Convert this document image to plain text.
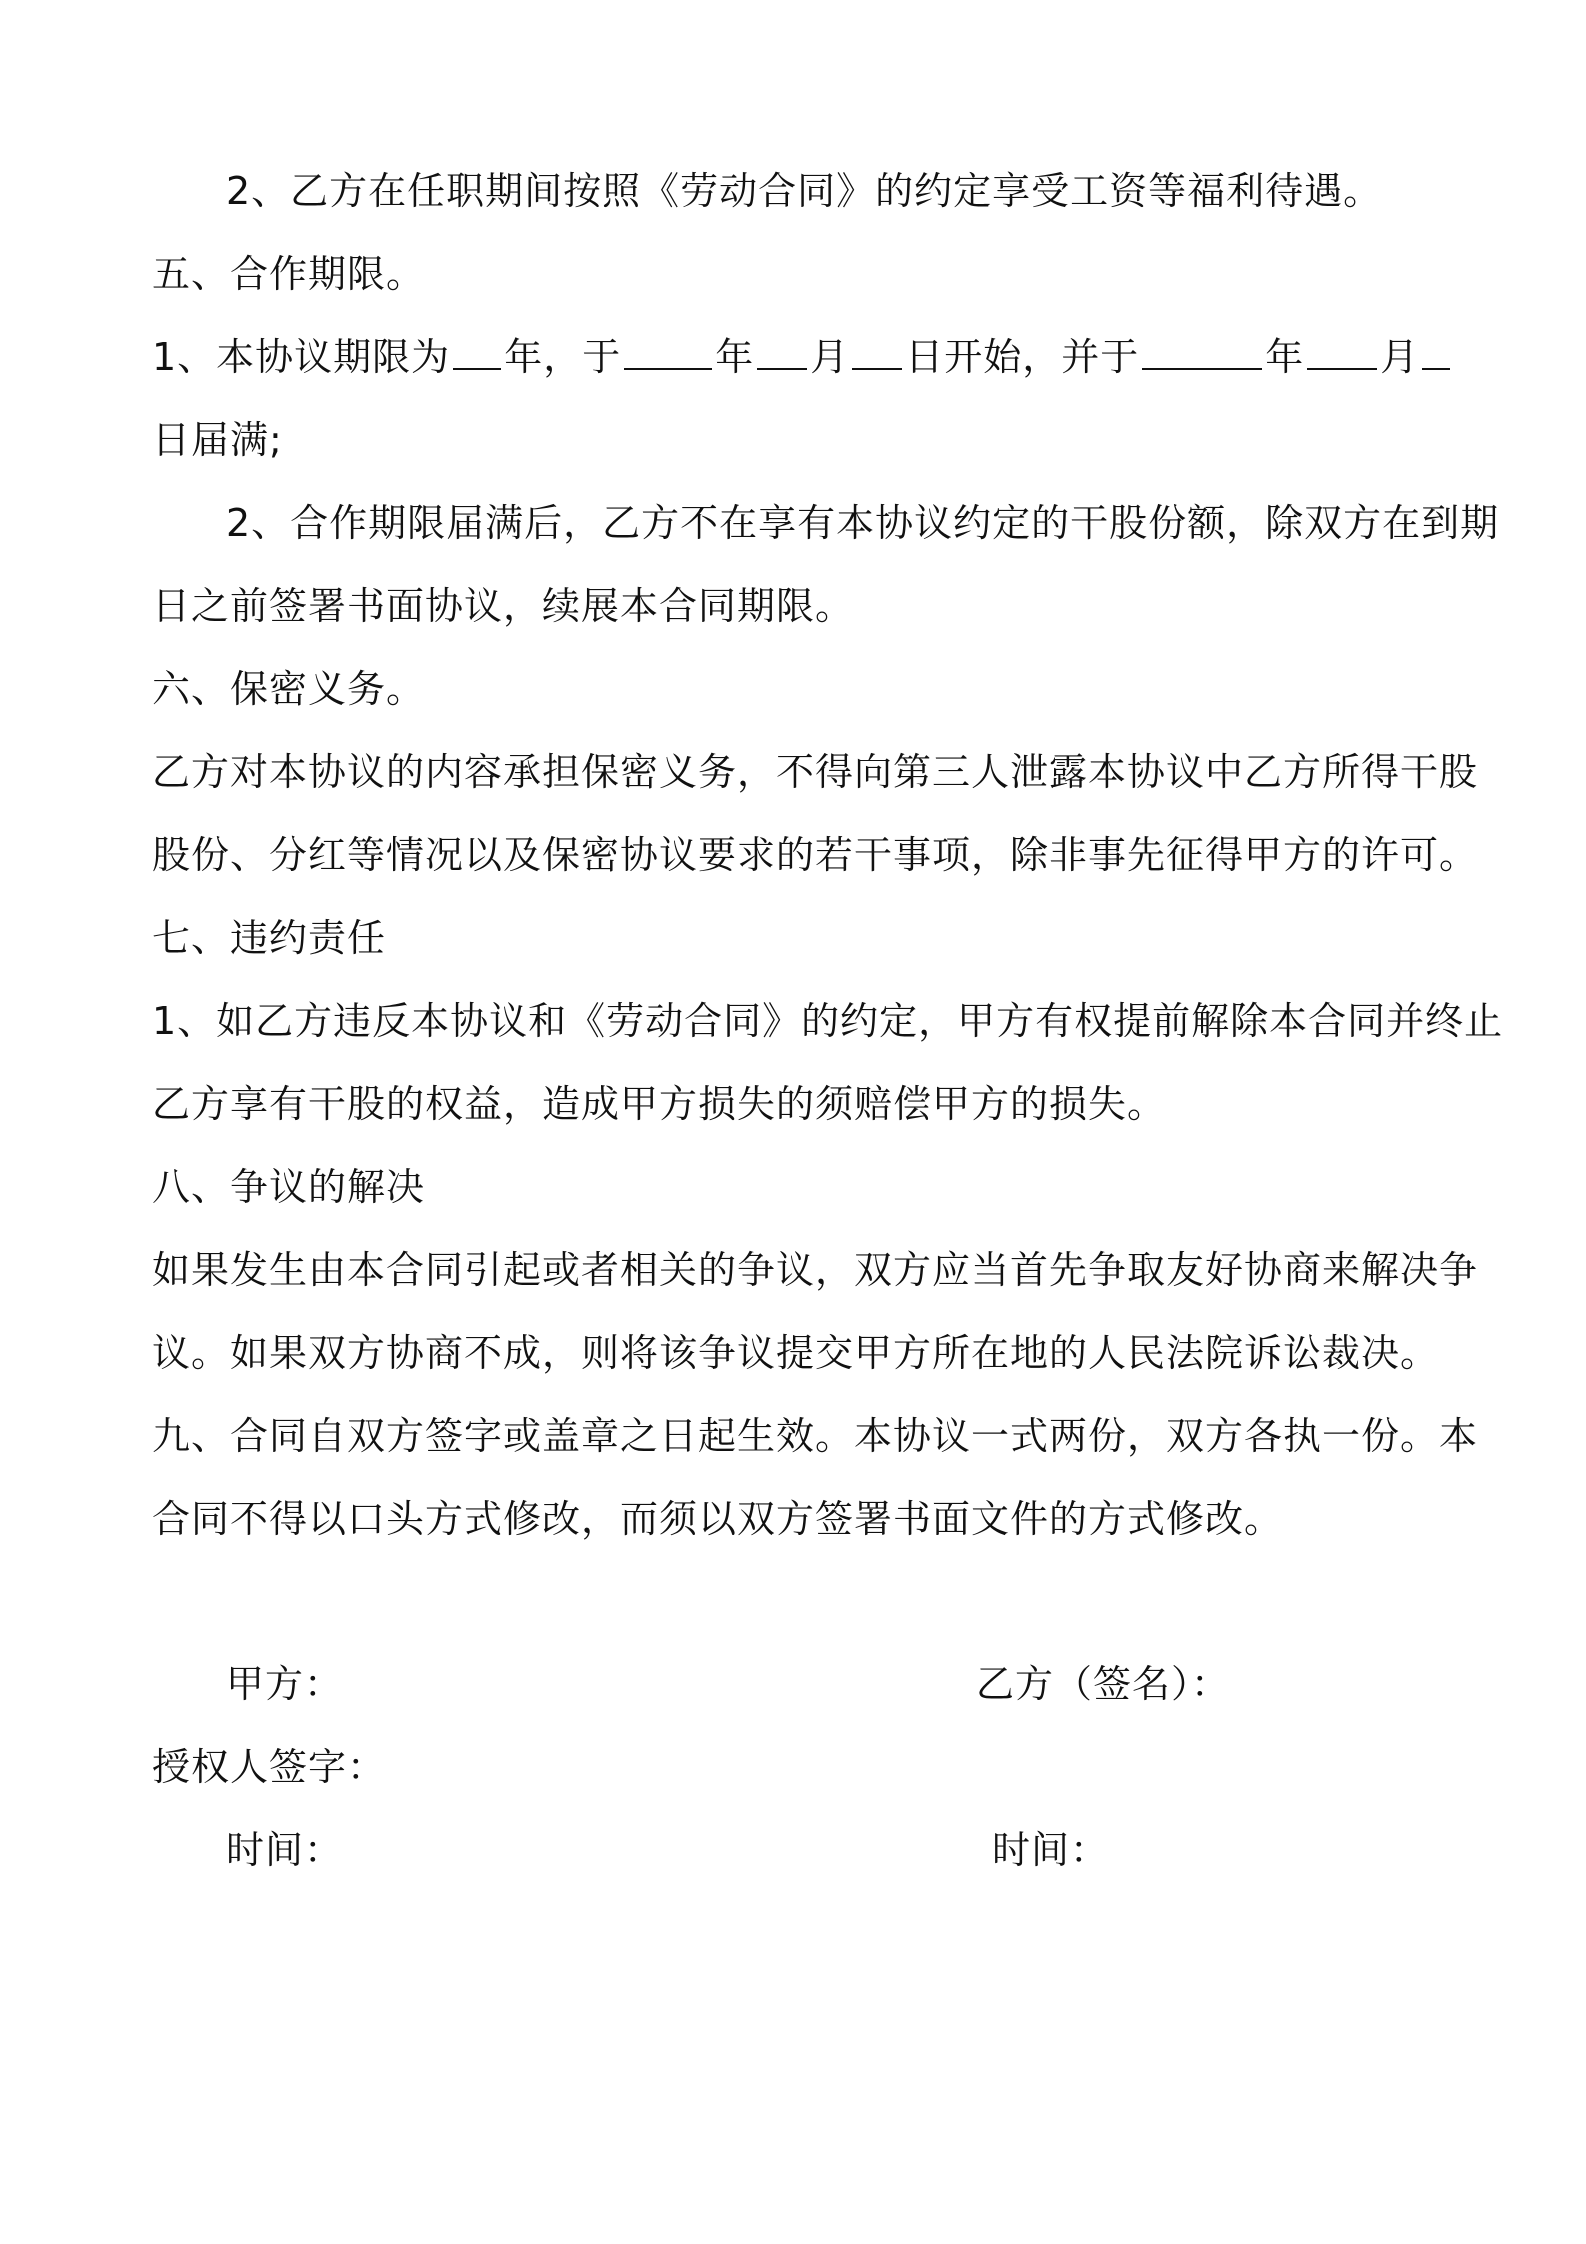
2、乙方在任职期间按照《劳动合同》的约定享受工资等福利待遇。
五、合作期限。
1、本协议期限为 年，于 年 月 日开始，并于	年 月
日届满;
2、合作期限届满后，乙方不在享有本协议约定的干股份额，除双方在到期
日之前签署书面协议，续展本合同期限。
六、保密义务。
乙方对本协议的内容承担保密义务，不得向第三人泄露本协议中乙方所得干股
股份、分红等情况以及保密协议要求的若干事项，除非事先征得甲方的许可。
七、违约责任
1、如乙方违反本协议和《劳动合同》的约定，甲方有权提前解除本合同并终止
乙方享有干股的权益，造成甲方损失的须赔偿甲方的损失。
八、争议的解决
如果发生由本合同引起或者相关的争议，双方应当首先争取友好协商来解决争
议。如果双方协商不成，则将该争议提交甲方所在地的人民法院诉讼裁决。
九、合同自双方签字或盖章之日起生效。本协议一式两份，双方各执一份。本
合同不得以口头方式修改，而须以双方签署书面文件的方式修改。
甲方：	乙方（签名）：
授权人签字：
时间：	时间：
